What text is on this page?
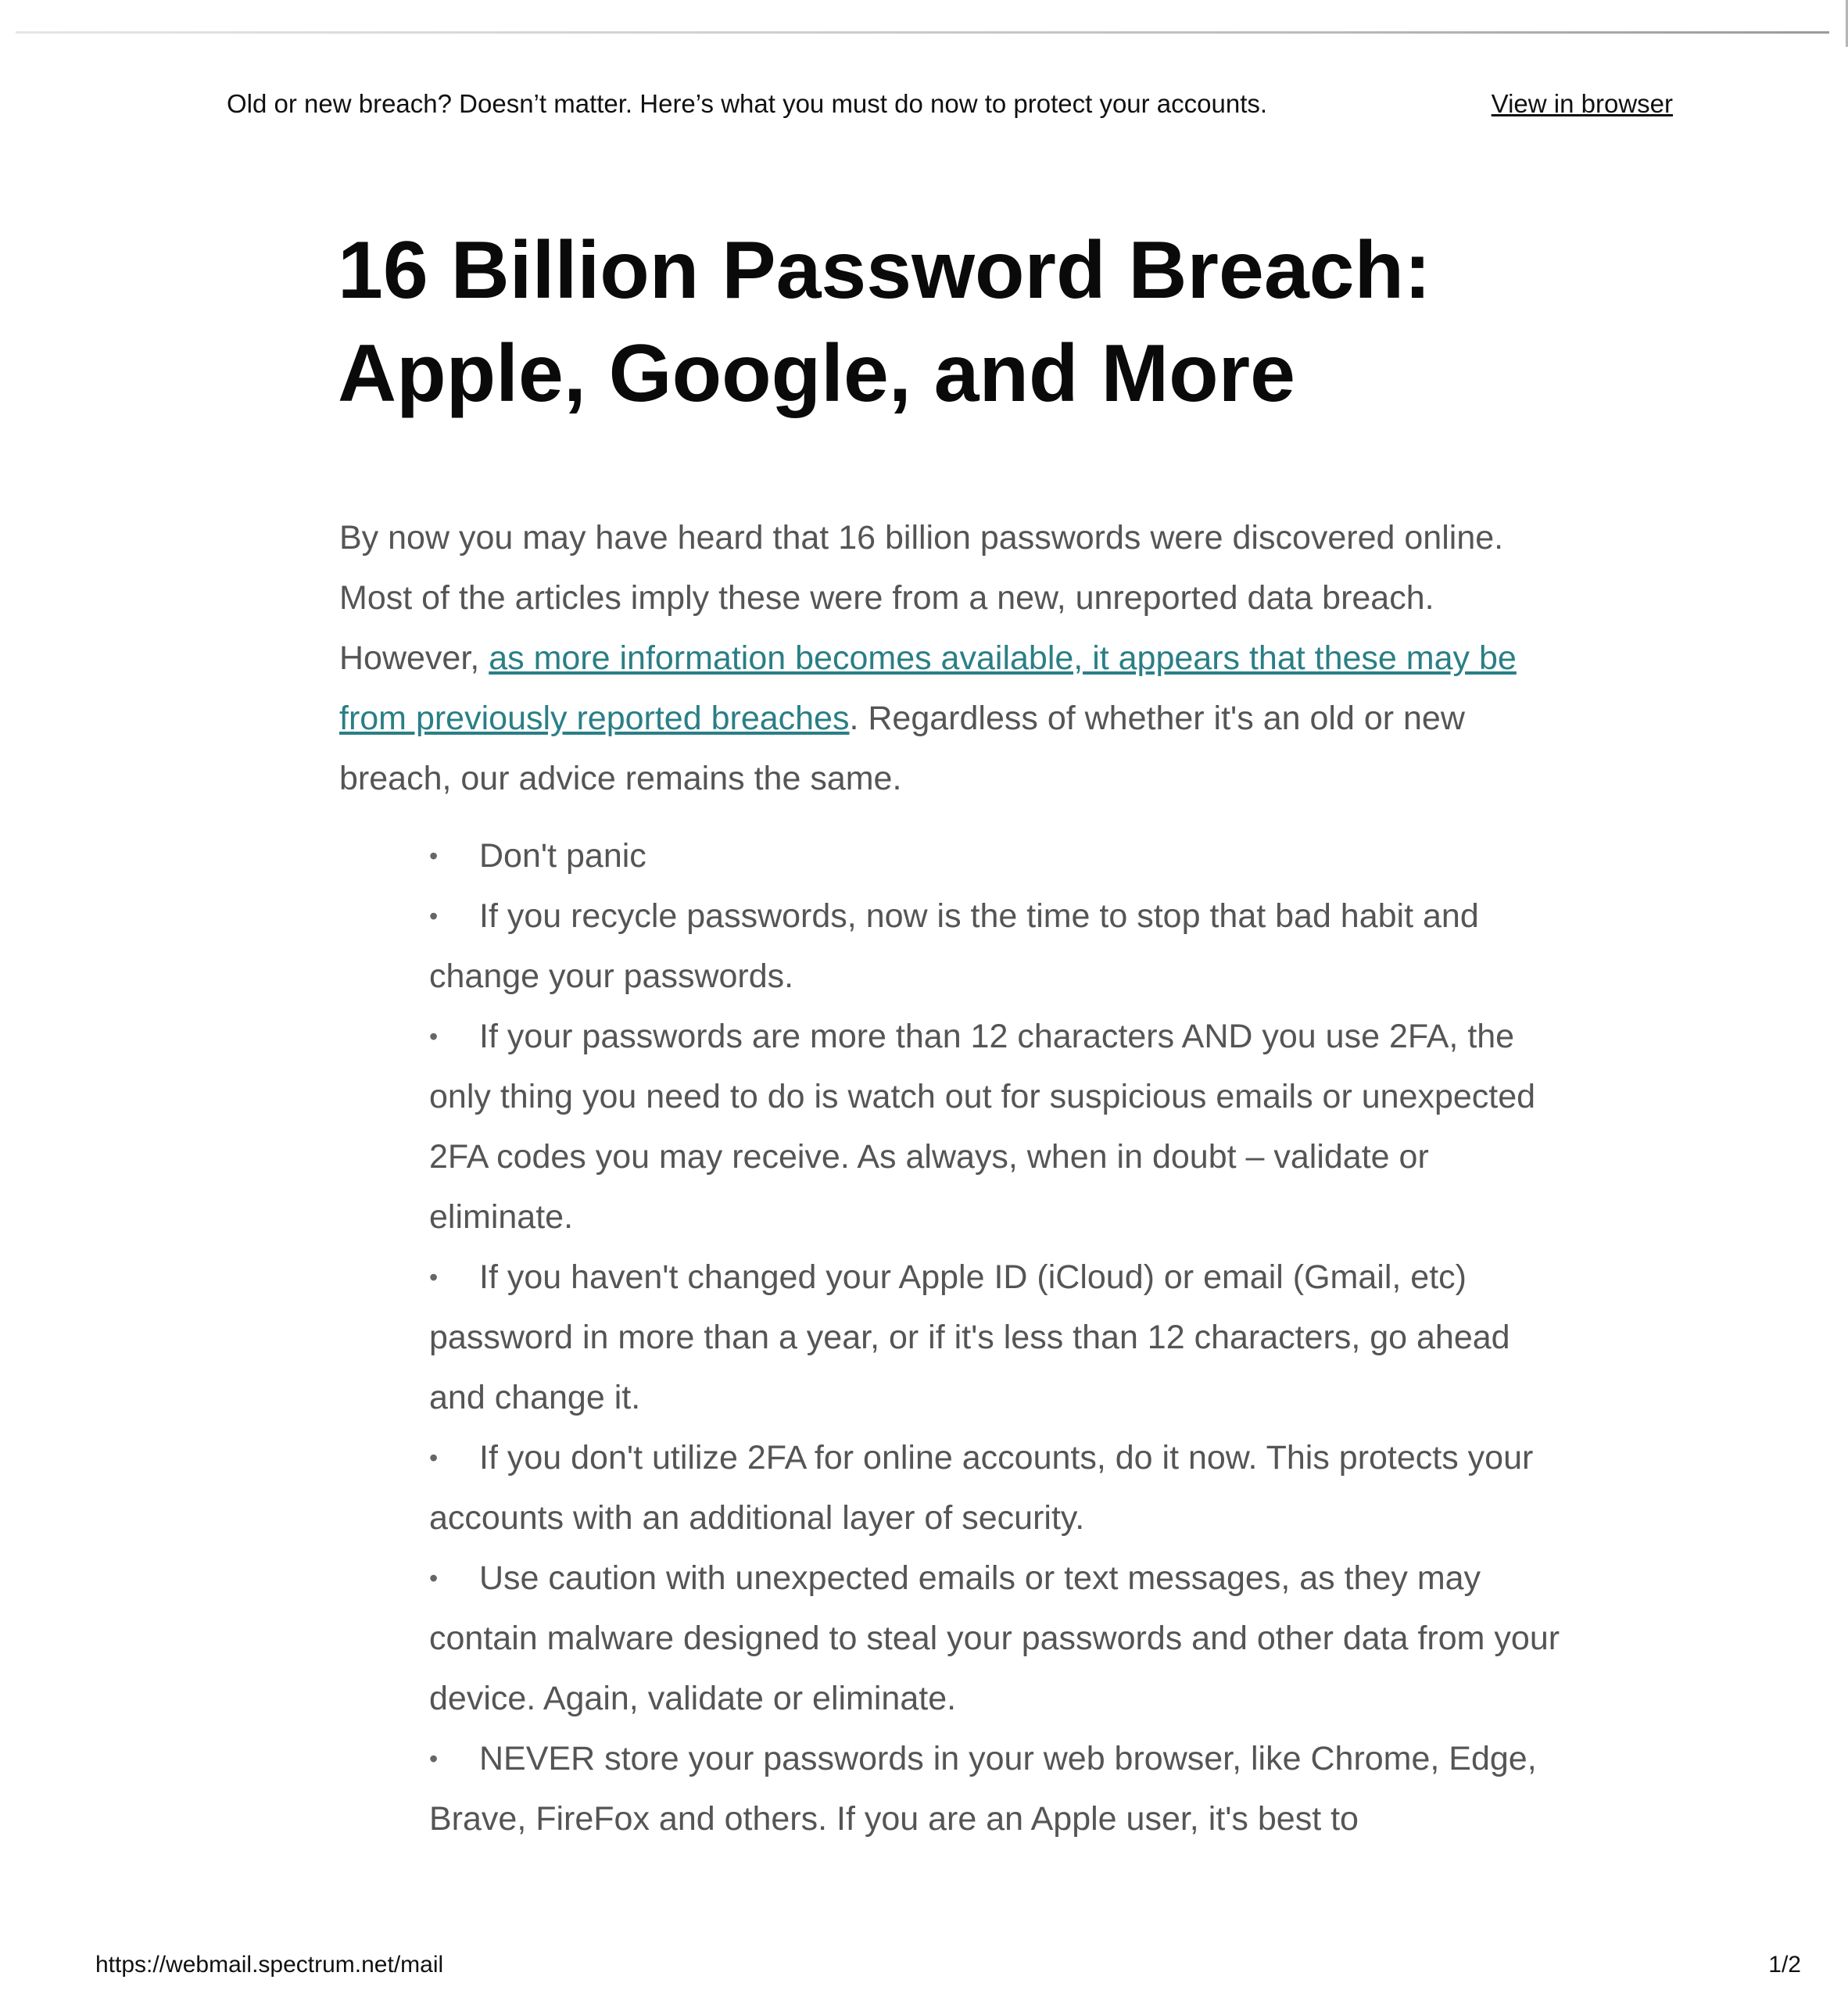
Old or new breach? Doesn’t matter. Here’s what you must do now to protect your accounts.	View in browser
16 Billion Password Breach:
Apple, Google, and More

By now you may have heard that 16 billion passwords were discovered online. Most of the articles imply these were from a new, unreported data breach. However, as more information becomes available, it appears that these may be from previously reported breaches. Regardless of whether it's an old or new breach, our advice remains the same.

• Don't panic
• If you recycle passwords, now is the time to stop that bad habit and change your passwords.
• If your passwords are more than 12 characters AND you use 2FA, the only thing you need to do is watch out for suspicious emails or unexpected 2FA codes you may receive. As always, when in doubt – validate or eliminate.
• If you haven't changed your Apple ID (iCloud) or email (Gmail, etc) password in more than a year, or if it's less than 12 characters, go ahead and change it.
• If you don't utilize 2FA for online accounts, do it now. This protects your accounts with an additional layer of security.
• Use caution with unexpected emails or text messages, as they may contain malware designed to steal your passwords and other data from your device. Again, validate or eliminate.
• NEVER store your passwords in your web browser, like Chrome, Edge, Brave, FireFox and others. If you are an Apple user, it's best to
https://webmail.spectrum.net/mail	1/2
